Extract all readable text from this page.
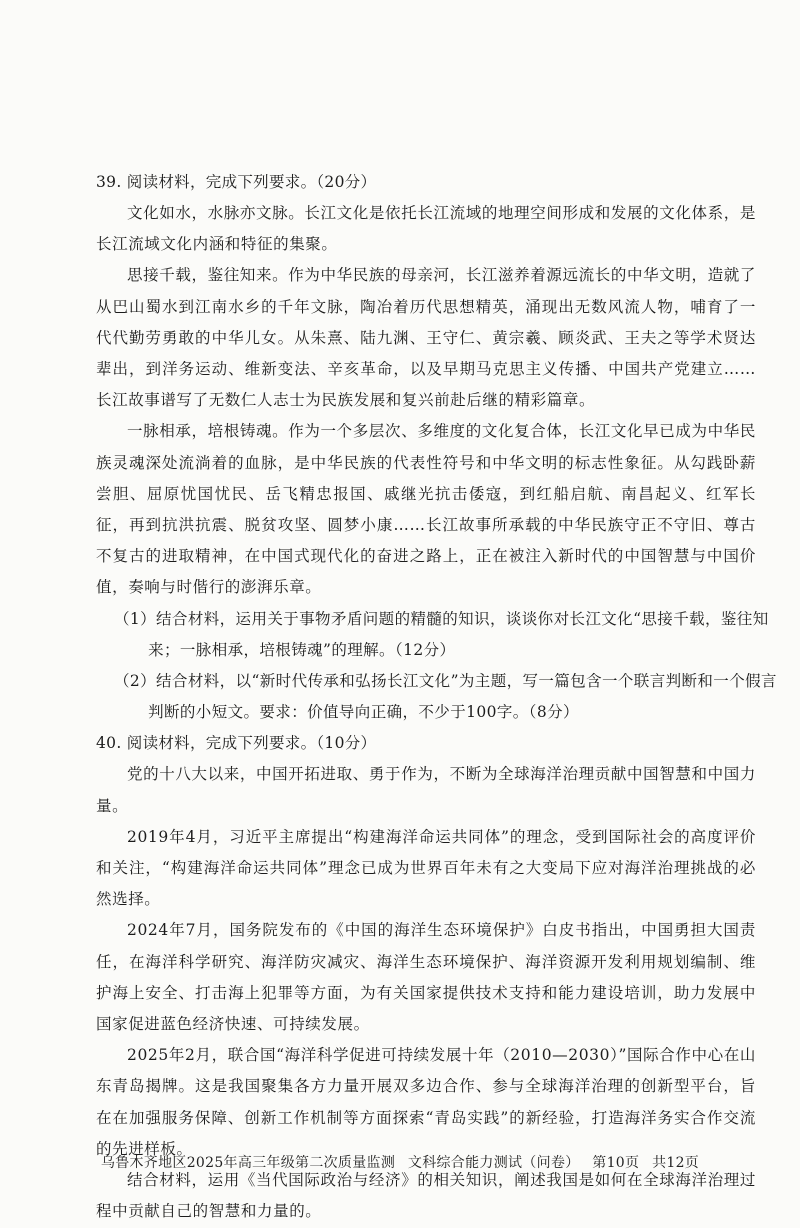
39. 阅读材料，完成下列要求。（20分）

文化如水，水脉亦文脉。长江文化是依托长江流域的地理空间形成和发展的文化体系，是长江流域文化内涵和特征的集聚。

思接千载，鉴往知来。作为中华民族的母亲河，长江滋养着源远流长的中华文明，造就了从巴山蜀水到江南水乡的千年文脉，陶冶着历代思想精英，涌现出无数风流人物，哺育了一代代勤劳勇敢的中华儿女。从朱熹、陆九渊、王守仁、黄宗羲、顾炎武、王夫之等学术贤达辈出，到洋务运动、维新变法、辛亥革命，以及早期马克思主义传播、中国共产党建立……长江故事谱写了无数仁人志士为民族发展和复兴前赴后继的精彩篇章。

一脉相承，培根铸魂。作为一个多层次、多维度的文化复合体，长江文化早已成为中华民族灵魂深处流淌着的血脉，是中华民族的代表性符号和中华文明的标志性象征。从勾践卧薪尝胆、屈原忧国忧民、岳飞精忠报国、戚继光抗击倭寇，到红船启航、南昌起义、红军长征，再到抗洪抗震、脱贫攻坚、圆梦小康……长江故事所承载的中华民族守正不守旧、尊古不复古的进取精神，在中国式现代化的奋进之路上，正在被注入新时代的中国智慧与中国价值，奏响与时偕行的澎湃乐章。

（1）结合材料，运用关于事物矛盾问题的精髓的知识，谈谈你对长江文化“思接千载，鉴往知来；一脉相承，培根铸魂”的理解。（12分）

（2）结合材料，以“新时代传承和弘扬长江文化”为主题，写一篇包含一个联言判断和一个假言判断的小短文。要求：价值导向正确，不少于100字。（8分）

40. 阅读材料，完成下列要求。（10分）

党的十八大以来，中国开拓进取、勇于作为，不断为全球海洋治理贡献中国智慧和中国力量。

2019年4月，习近平主席提出“构建海洋命运共同体”的理念，受到国际社会的高度评价和关注，“构建海洋命运共同体”理念已成为世界百年未有之大变局下应对海洋治理挑战的必然选择。

2024年7月，国务院发布的《中国的海洋生态环境保护》白皮书指出，中国勇担大国责任，在海洋科学研究、海洋防灾减灾、海洋生态环境保护、海洋资源开发利用规划编制、维护海上安全、打击海上犯罪等方面，为有关国家提供技术支持和能力建设培训，助力发展中国家促进蓝色经济快速、可持续发展。

2025年2月，联合国“海洋科学促进可持续发展十年（2010—2030）”国际合作中心在山东青岛揭牌。这是我国聚集各方力量开展双多边合作、参与全球海洋治理的创新型平台，旨在在加强服务保障、创新工作机制等方面探索“青岛实践”的新经验，打造海洋务实合作交流的先进样板。

结合材料，运用《当代国际政治与经济》的相关知识，阐述我国是如何在全球海洋治理过程中贡献自己的智慧和力量的。

乌鲁木齐地区2025年高三年级第二次质量监测 文科综合能力测试（问卷） 第10页 共12页
